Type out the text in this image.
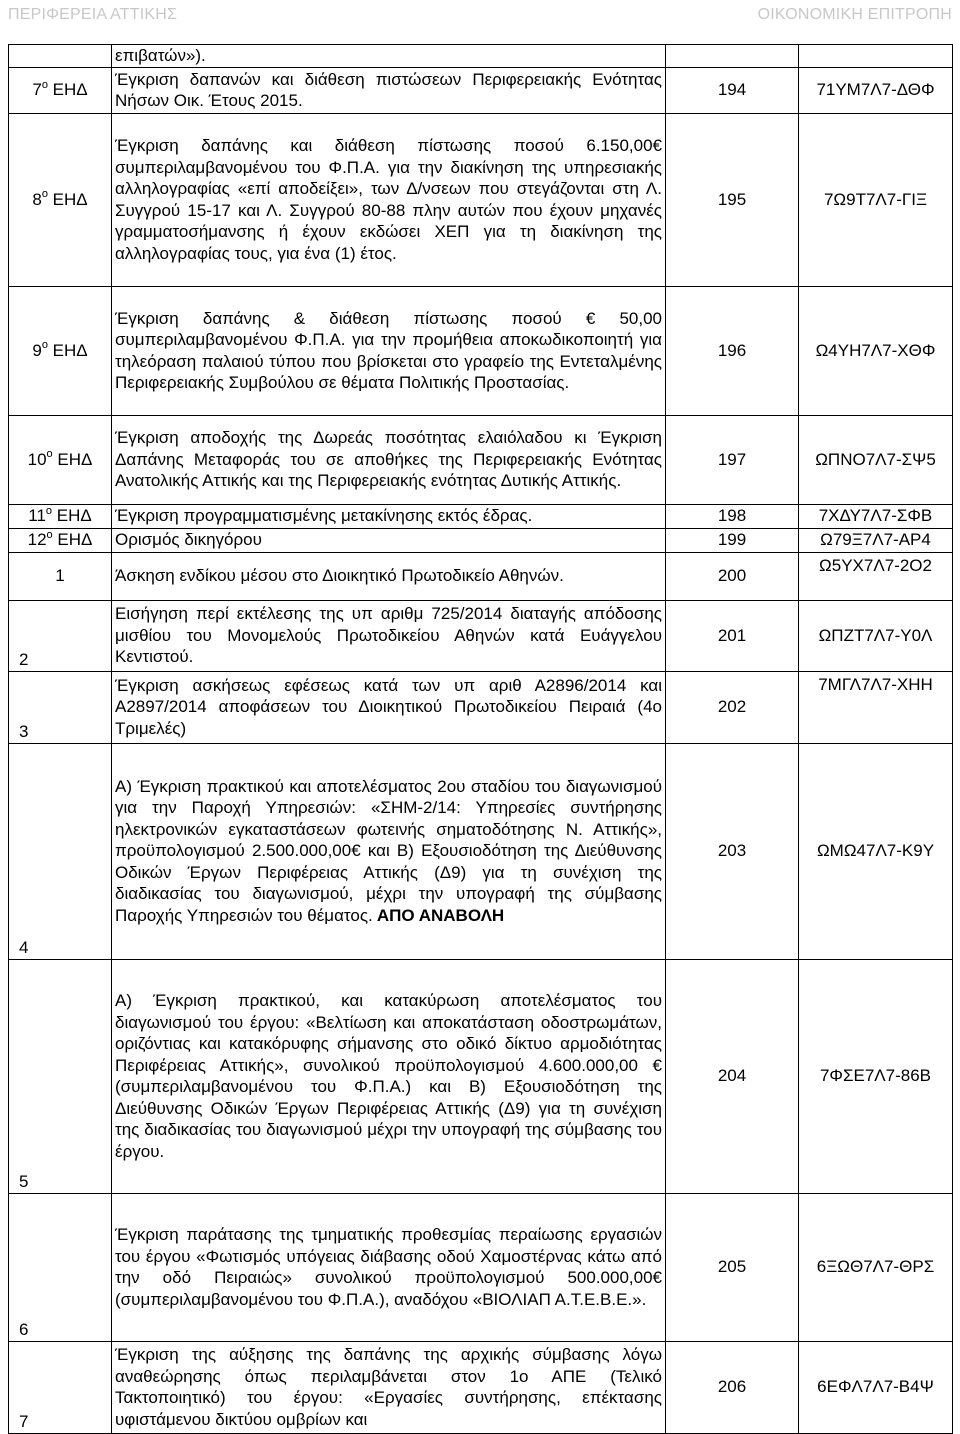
ΠΕΡΙΦΕΡΕΙΑ ΑΤΤΙΚΗΣ	ΟΙΚΟΝΟΜΙΚΗ ΕΠΙΤΡΟΠΗ
	επιβατών»).		
$7^o$ ΕΗΔ	Έγκριση δαπανών και διάθεση πιστώσεων Περιφερειακής Ενότητας Νήσων Οικ. Έτους 2015.	194	71ΥΜ7Λ7-ΔΘΦ
$8^o$ ΕΗΔ	Έγκριση δαπάνης και διάθεση πίστωσης ποσού 6.150,00€ συμπεριλαμβανομένου του Φ.Π.Α. για την διακίνηση της υπηρεσιακής αλληλογραφίας «επί αποδείξει», των Δ/νσεων που στεγάζονται στη Λ. Συγγρού 15-17 και Λ. Συγγρού 80-88 πλην αυτών που έχουν μηχανές γραμματοσήμανσης ή έχουν εκδώσει ΧΕΠ για τη διακίνηση της αλληλογραφίας τους, για ένα (1) έτος.	195	7Ω9Τ7Λ7-ΓΙΞ
$9^o$ ΕΗΔ	Έγκριση δαπάνης & διάθεση πίστωσης ποσού € 50,00 συμπεριλαμβανομένου Φ.Π.Α. για την προμήθεια αποκωδικοποιητή για τηλεόραση παλαιού τύπου που βρίσκεται στο γραφείο της Εντεταλμένης Περιφερειακής Συμβούλου σε θέματα Πολιτικής Προστασίας.	196	Ω4ΥΗ7Λ7-ΧΘΦ
$10^o$ ΕΗΔ	Έγκριση αποδοχής της Δωρεάς ποσότητας ελαιόλαδου κι Έγκριση Δαπάνης Μεταφοράς του σε αποθήκες της Περιφερειακής Ενότητας Ανατολικής Αττικής και της Περιφερειακής ενότητας Δυτικής Αττικής.	197	ΩΠΝΟ7Λ7-ΣΨ5
$11^o$ ΕΗΔ	Έγκριση προγραμματισμένης μετακίνησης εκτός έδρας.	198	7ΧΔΥ7Λ7-ΣΦΒ
$12^o$ ΕΗΔ	Ορισμός δικηγόρου	199	Ω79Ξ7Λ7-ΑΡ4
1	Άσκηση ενδίκου μέσου στο Διοικητικό Πρωτοδικείο Αθηνών.	200	Ω5ΥΧ7Λ7-2Ο2
2	Εισήγηση περί εκτέλεσης της υπ αριθμ 725/2014 διαταγής απόδοσης μισθίου του Μονομελούς Πρωτοδικείου Αθηνών κατά Ευάγγελου Κεντιστού.	201	ΩΠΖΤ7Λ7-Υ0Λ
3	Έγκριση ασκήσεως εφέσεως κατά των υπ αριθ Α2896/2014 και Α2897/2014 αποφάσεων του Διοικητικού Πρωτοδικείου Πειραιά (4ο Τριμελές)	202	7ΜΓΛ7Λ7-ΧΗΗ
4	Α) Έγκριση πρακτικού και αποτελέσματος 2ου σταδίου του διαγωνισμού για την Παροχή Υπηρεσιών: «ΣΗΜ-2/14: Υπηρεσίες συντήρησης ηλεκτρονικών εγκαταστάσεων φωτεινής σηματοδότησης Ν. Αττικής», προϋπολογισμού 2.500.000,00€ και Β) Εξουσιοδότηση της Διεύθυνσης Οδικών Έργων Περιφέρειας Αττικής (Δ9) για τη συνέχιση της διαδικασίας του διαγωνισμού, μέχρι την υπογραφή της σύμβασης Παροχής Υπηρεσιών του θέματος. ΑΠΟ ΑΝΑΒΟΛΗ	203	ΩΜΩ47Λ7-Κ9Υ
5	Α) Έγκριση πρακτικού, και κατακύρωση αποτελέσματος του διαγωνισμού του έργου: «Βελτίωση και αποκατάσταση οδοστρωμάτων, οριζόντιας και κατακόρυφης σήμανσης στο οδικό δίκτυο αρμοδιότητας Περιφέρειας Αττικής», συνολικού προϋπολογισμού 4.600.000,00 € (συμπεριλαμβανομένου του Φ.Π.Α.) και Β) Εξουσιοδότηση της Διεύθυνσης Οδικών Έργων Περιφέρειας Αττικής (Δ9) για τη συνέχιση της διαδικασίας του διαγωνισμού μέχρι την υπογραφή της σύμβασης του έργου.	204	7ΦΣΕ7Λ7-86Β
6	Έγκριση παράτασης της τμηματικής προθεσμίας περαίωσης εργασιών του έργου «Φωτισμός υπόγειας διάβασης οδού Χαμοστέρνας κάτω από την οδό Πειραιώς» συνολικού προϋπολογισμού 500.000,00€ (συμπεριλαμβανομένου του Φ.Π.Α.), αναδόχου «ΒΙΟΛΙΑΠ Α.Τ.Ε.Β.Ε.».	205	6ΞΩΘ7Λ7-ΘΡΣ
7	Έγκριση της αύξησης της δαπάνης της αρχικής σύμβασης λόγω αναθεώρησης όπως περιλαμβάνεται στον 1ο ΑΠΕ (Τελικό Τακτοποιητικό) του έργου: «Εργασίες συντήρησης, επέκτασης υφιστάμενου δικτύου ομβρίων και	206	6ΕΦΛ7Λ7-Β4Ψ
